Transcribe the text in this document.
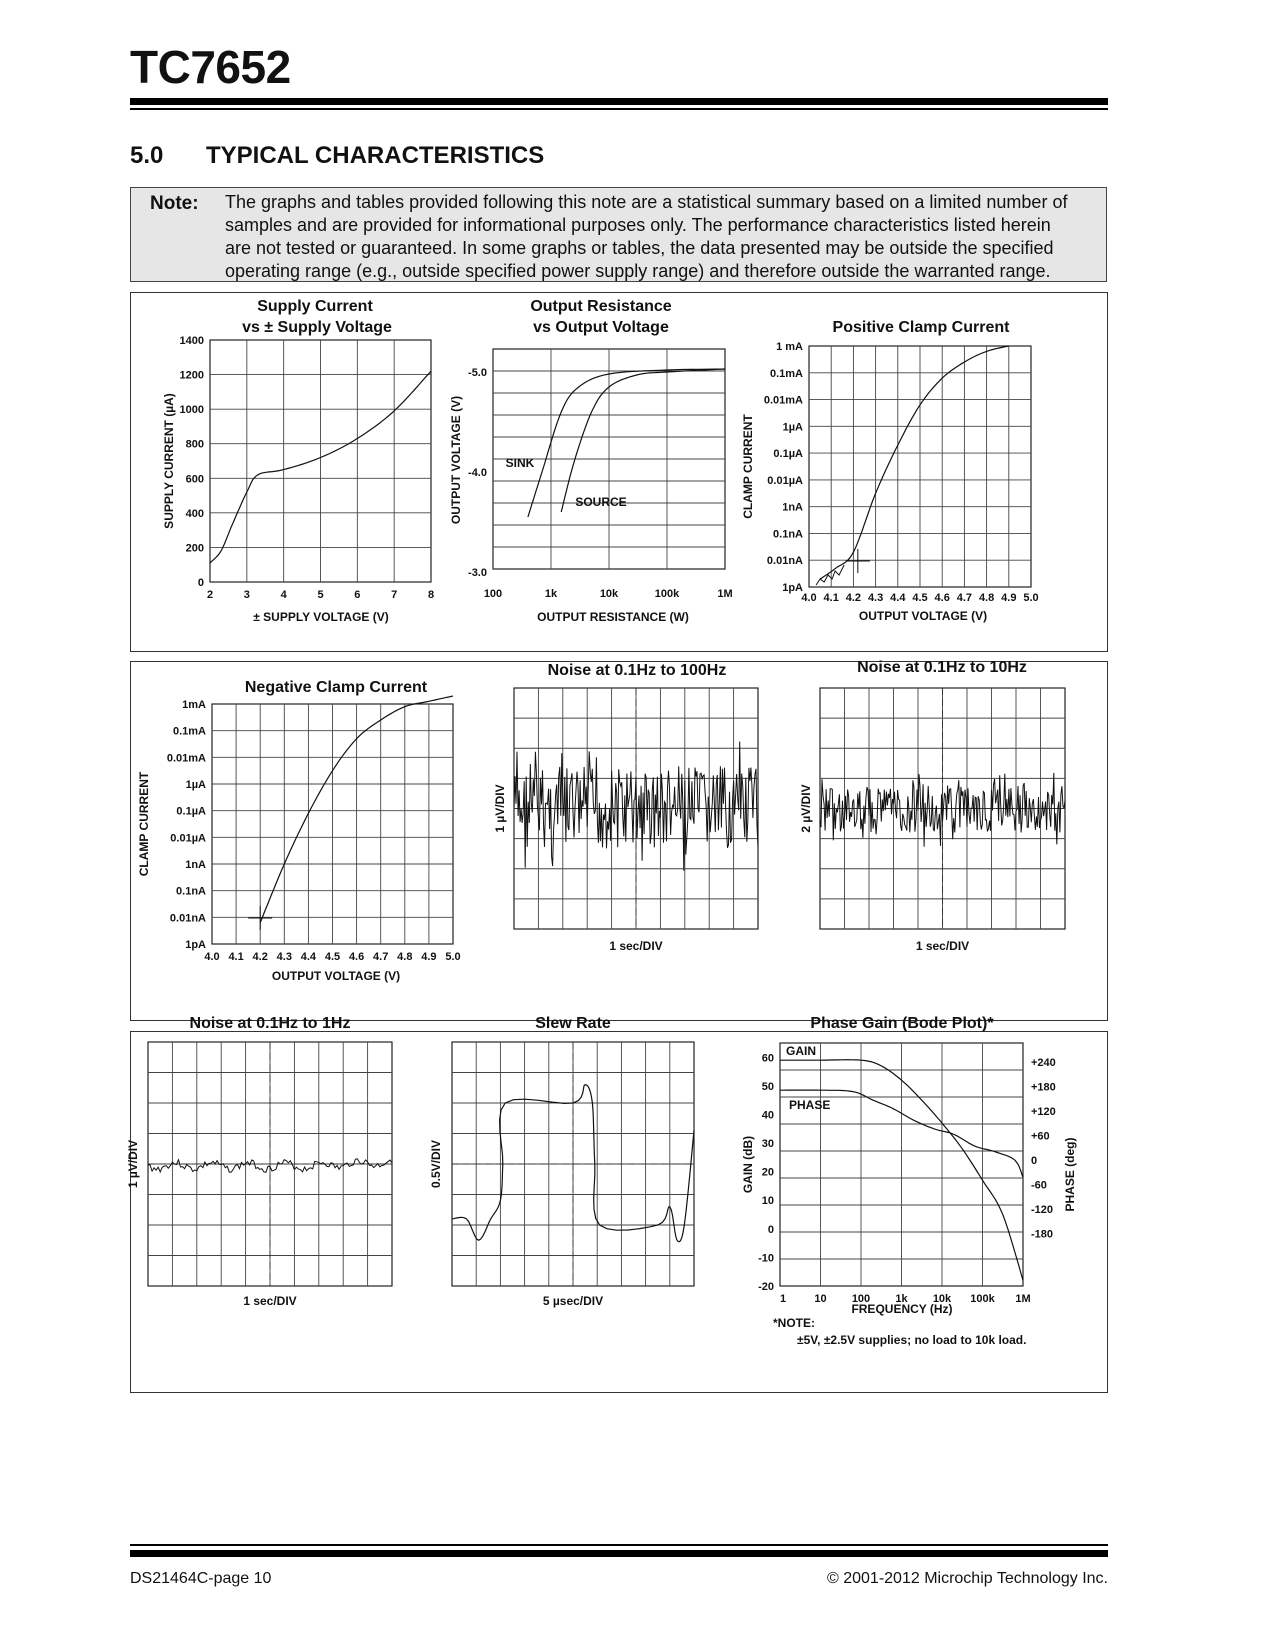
TC7652
5.0 TYPICAL CHARACTERISTICS
Note: The graphs and tables provided following this note are a statistical summary based on a limited number of
samples and are provided for informational purposes only. The performance characteristics listed herein
are not tested or guaranteed. In some graphs or tables, the data presented may be outside the specified
operating range (e.g., outside specified power supply range) and therefore outside the warranted range.
Supply Current
vs ± Supply Voltage
1400
1200
1000
800
600
400
200
0
2	3	4	5	6	7	8
± SUPPLY VOLTAGE (V)
SUPPLY CURRENT (µA)
Output Resistance
vs Output Voltage
-5.0
-4.0
-3.0
100	1k	10k	100k	1M
OUTPUT RESISTANCE (W)
OUTPUT VOLTAGE (V)	SINK
SOURCE
Positive Clamp Current
1 mA
0.1mA
0.01mA
1µA
0.1µA
0.01µA
1nA
0.1nA
0.01nA
1pA
4.0 4.1 4.2 4.3 4.4 4.5 4.6 4.7 4.8 4.9 5.0
OUTPUT VOLTAGE (V)
CLAMP CURRENT
Negative Clamp Current
1mA
0.1mA
0.01mA
1µA
0.1µA
0.01µA
1nA
0.1nA
0.01nA
1pA
4.0 4.1 4.2 4.3 4.4 4.5 4.6 4.7 4.8 4.9 5.0
OUTPUT VOLTAGE (V)
CLAMP CURRENT
Noise at 0.1Hz to 100Hz
1 sec/DIV
1 µV/DIV
Noise at 0.1Hz to 10Hz
1 sec/DIV
2 µV/DIV
Noise at 0.1Hz to 1Hz
1 sec/DIV
1 µV/DIV
Slew Rate
5 µsec/DIV
0.5V/DIV
Phase Gain (Bode Plot)*
60
50
40
30
20
10
0
-10
-20
+240
+180
+120
+60
0
-60
-120
-180
1	10 100 1k 10k 100k 1M
FREQUENCY (Hz)
GAIN (dB)	PHASE (deg)
GAIN
PHASE
*NOTE:
±5V, ±2.5V supplies; no load to 10k load.
DS21464C-page 10	© 2001-2012 Microchip Technology Inc.
